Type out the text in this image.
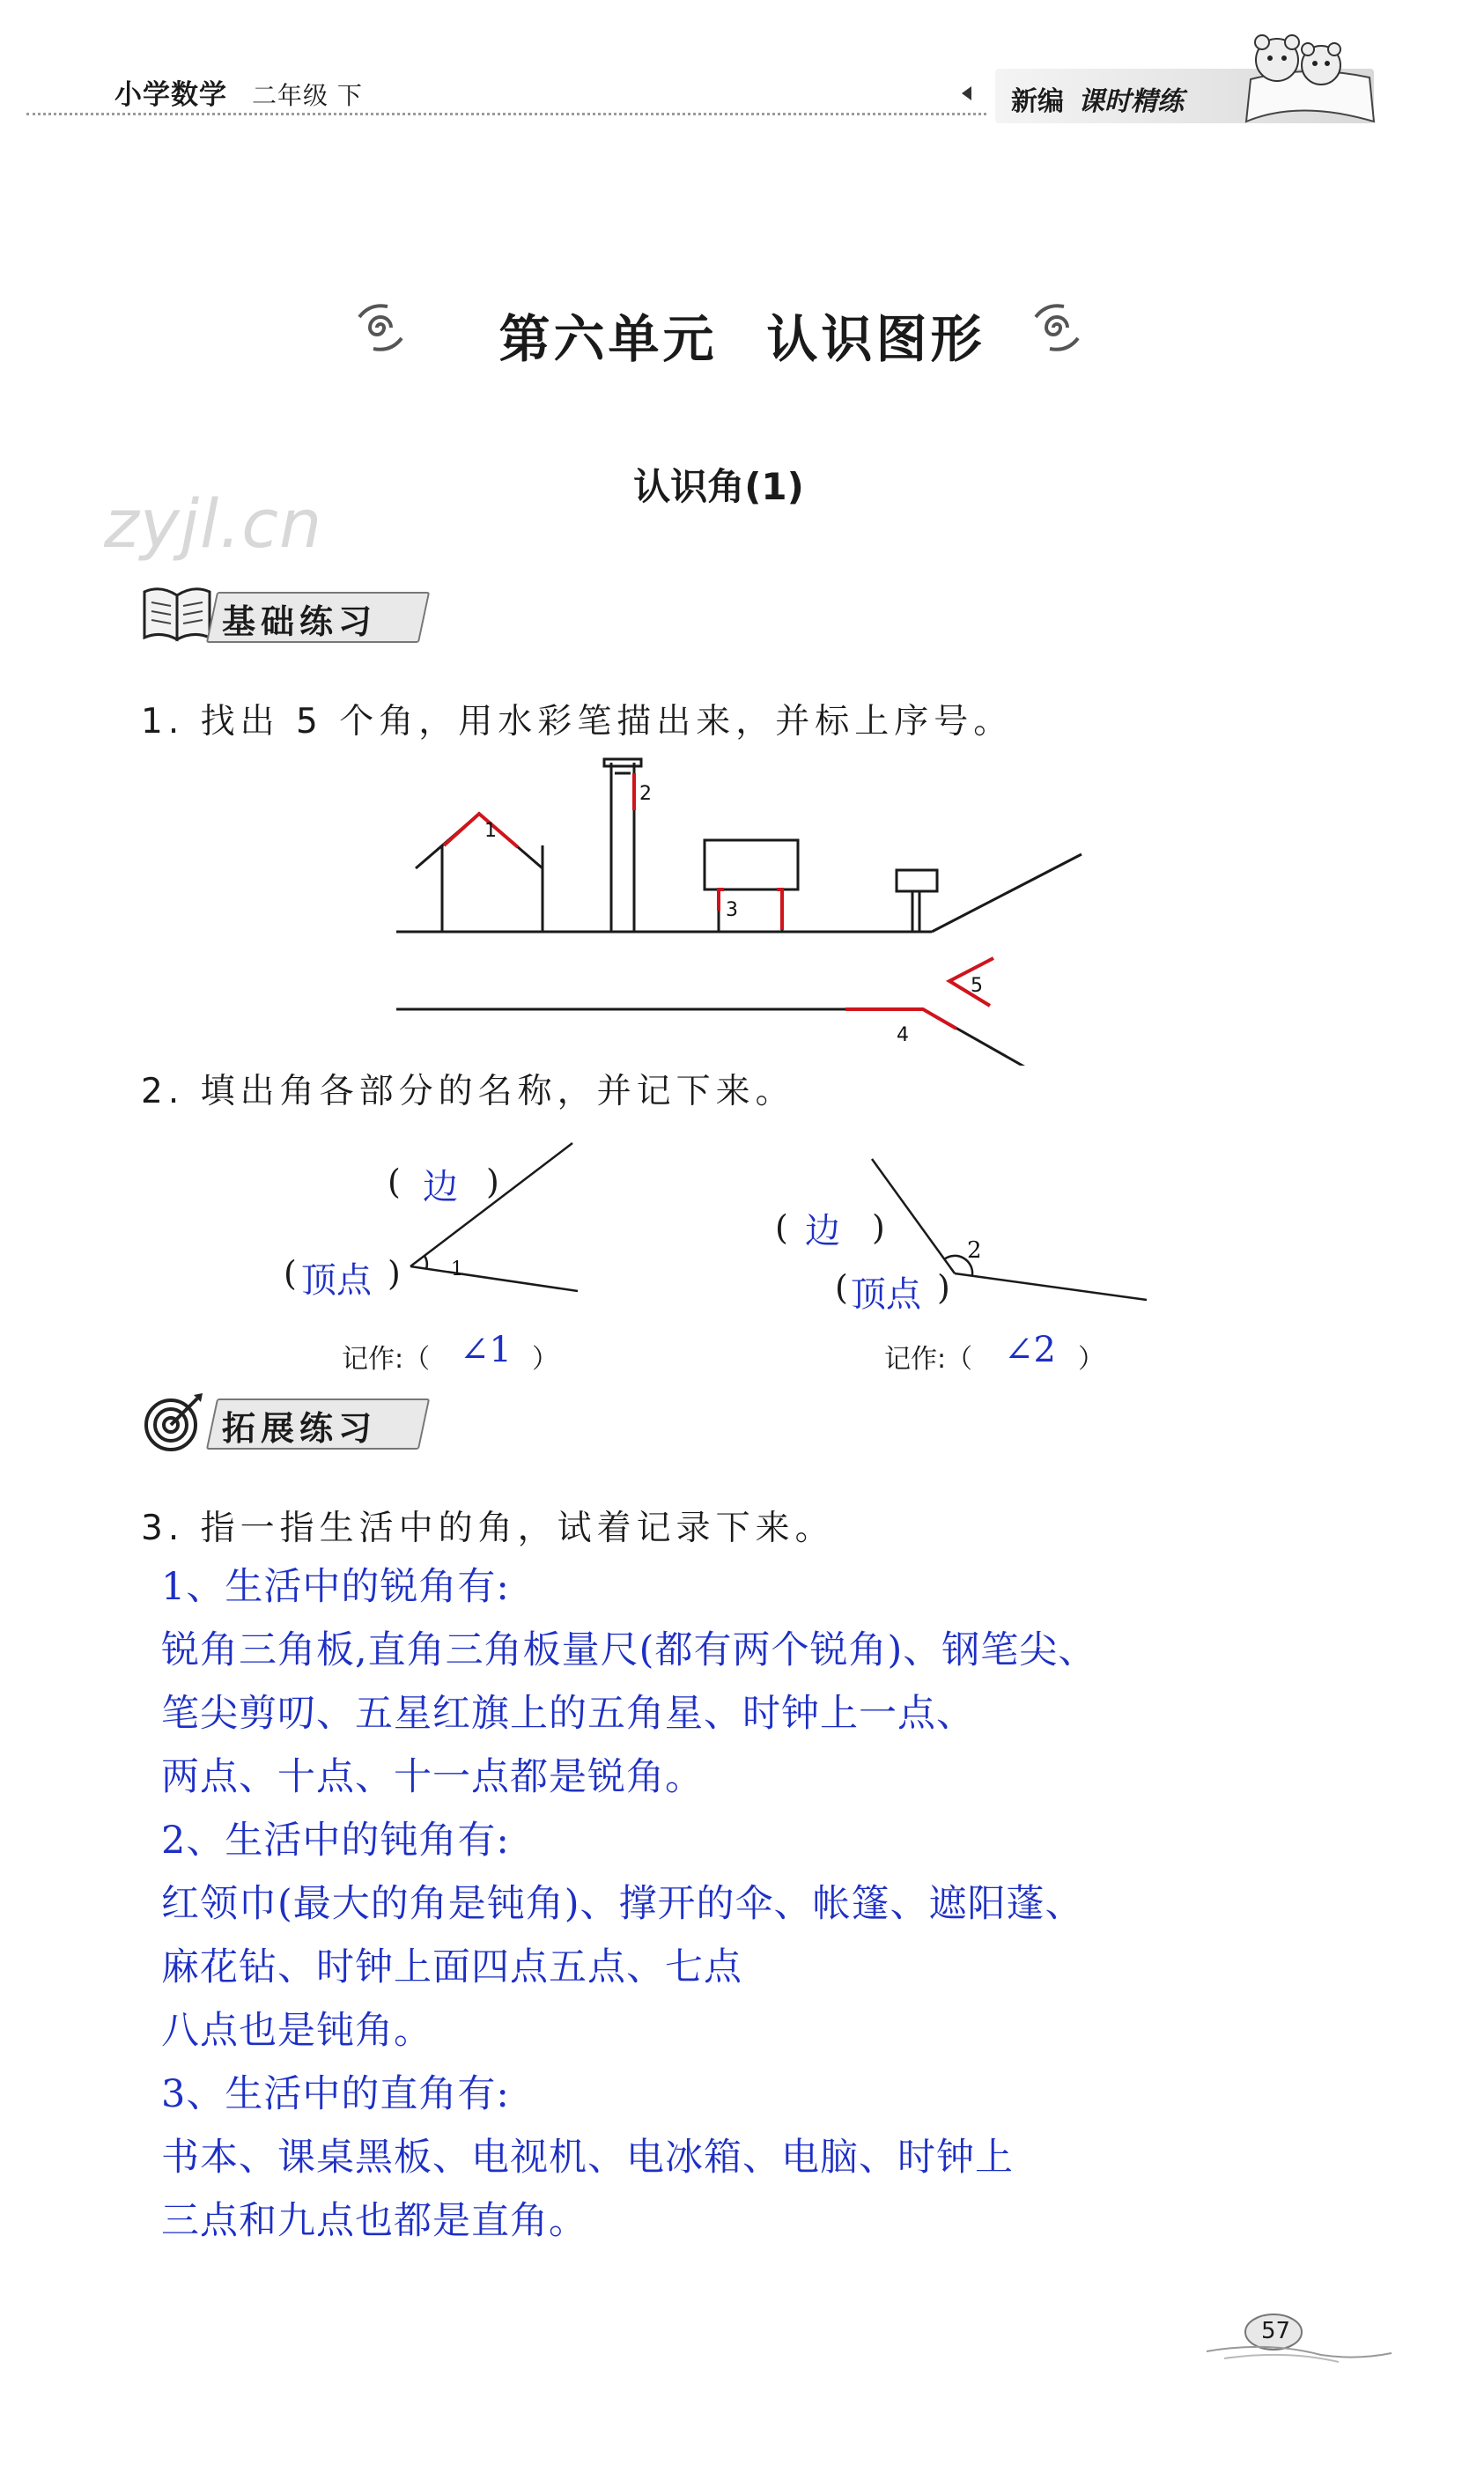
小学数学 二年级 下	新编 课时精练
第六单元 认识图形
认识角(1)
zyjl.cn
基础练习
1. 找出 5 个角，用水彩笔描出来，并标上序号。
1
2
3
4
5
2. 填出角各部分的名称，并记下来。
1
( 边 )
( 顶点 )
记作:（ ∠1 ）
2
( 边 )
( 顶点 )
记作:（ ∠2 ）
拓展练习
3. 指一指生活中的角，试着记录下来。
1、生活中的锐角有:
锐角三角板,直角三角板量尺(都有两个锐角)、钢笔尖、
笔尖剪叨、五星红旗上的五角星、时钟上一点、
两点、十点、十一点都是锐角。
2、生活中的钝角有:
红领巾(最大的角是钝角)、撑开的伞、帐篷、遮阳蓬、
麻花钻、时钟上面四点五点、七点
八点也是钝角。
3、生活中的直角有:
书本、课桌黑板、电视机、电冰箱、电脑、时钟上
三点和九点也都是直角。
57
